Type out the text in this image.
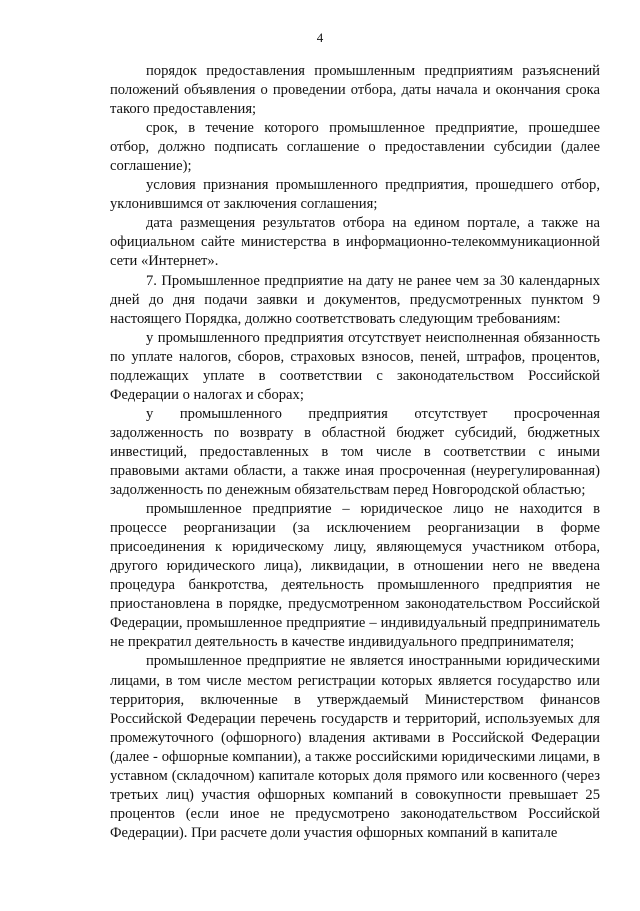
4

порядок предоставления промышленным предприятиям разъяснений положений объявления о проведении отбора, даты начала и окончания срока такого предоставления;

срок, в течение которого промышленное предприятие, прошедшее отбор, должно подписать соглашение о предоставлении субсидии (далее соглашение);

условия признания промышленного предприятия, прошедшего отбор, уклонившимся от заключения соглашения;

дата размещения результатов отбора на едином портале, а также на официальном сайте министерства в информационно-телекоммуникационной сети «Интернет».

7. Промышленное предприятие на дату не ранее чем за 30 календарных дней до дня подачи заявки и документов, предусмотренных пунктом 9 настоящего Порядка, должно соответствовать следующим требованиям:

у промышленного предприятия отсутствует неисполненная обязанность по уплате налогов, сборов, страховых взносов, пеней, штрафов, процентов, подлежащих уплате в соответствии с законодательством Российской Федерации о налогах и сборах;

у промышленного предприятия отсутствует просроченная задолженность по возврату в областной бюджет субсидий, бюджетных инвестиций, предоставленных в том числе в соответствии с иными правовыми актами области, а также иная просроченная (неурегулированная) задолженность по денежным обязательствам перед Новгородской областью;

промышленное предприятие – юридическое лицо не находится в процессе реорганизации (за исключением реорганизации в форме присоединения к юридическому лицу, являющемуся участником отбора, другого юридического лица), ликвидации, в отношении него не введена процедура банкротства, деятельность промышленного предприятия не приостановлена в порядке, предусмотренном законодательством Российской Федерации, промышленное предприятие – индивидуальный предприниматель не прекратил деятельность в качестве индивидуального предпринимателя;

промышленное предприятие не является иностранными юридическими лицами, в том числе местом регистрации которых является государство или территория, включенные в утверждаемый Министерством финансов Российской Федерации перечень государств и территорий, используемых для промежуточного (офшорного) владения активами в Российской Федерации (далее - офшорные компании), а также российскими юридическими лицами, в уставном (складочном) капитале которых доля прямого или косвенного (через третьих лиц) участия офшорных компаний в совокупности превышает 25 процентов (если иное не предусмотрено законодательством Российской Федерации). При расчете доли участия офшорных компаний в капитале
